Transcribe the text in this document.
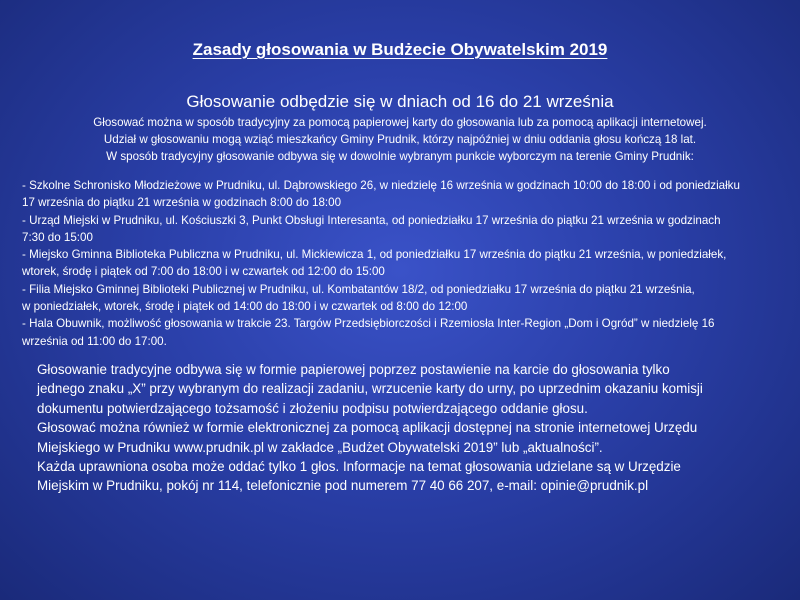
Zasady głosowania w Budżecie Obywatelskim 2019
Głosowanie odbędzie się w dniach od 16 do 21 września
Głosować można w sposób tradycyjny za pomocą papierowej karty do głosowania lub za pomocą aplikacji internetowej.
Udział w głosowaniu mogą wziąć mieszkańcy Gminy Prudnik, którzy najpóźniej w dniu oddania głosu kończą 18 lat.
W sposób tradycyjny głosowanie odbywa się w dowolnie wybranym punkcie wyborczym na terenie Gminy Prudnik:
- Szkolne Schronisko Młodzieżowe w Prudniku, ul. Dąbrowskiego 26, w niedzielę 16 września w godzinach 10:00 do 18:00 i od poniedziałku
17 września do piątku 21 września w godzinach 8:00 do 18:00
- Urząd Miejski w Prudniku, ul. Kościuszki 3, Punkt Obsługi Interesanta, od poniedziałku 17 września do piątku 21 września w godzinach
7:30 do 15:00
- Miejsko Gminna Biblioteka Publiczna w Prudniku, ul. Mickiewicza 1, od poniedziałku 17 września do piątku 21 września, w poniedziałek,
wtorek, środę i piątek od 7:00 do 18:00 i w czwartek od 12:00 do 15:00
- Filia Miejsko Gminnej Biblioteki Publicznej w Prudniku, ul. Kombatantów 18/2, od poniedziałku 17 września do piątku 21 września,
w poniedziałek, wtorek, środę i piątek od 14:00 do 18:00 i w czwartek od 8:00 do 12:00
- Hala Obuwnik, możliwość głosowania w trakcie 23. Targów Przedsiębiorczości i Rzemiosła Inter-Region „Dom i Ogród” w niedzielę 16
września od 11:00 do 17:00.
Głosowanie tradycyjne odbywa się w formie papierowej poprzez postawienie na karcie do głosowania tylko
jednego znaku „X” przy wybranym do realizacji zadaniu, wrzucenie karty do urny, po uprzednim okazaniu komisji
dokumentu potwierdzającego tożsamość i złożeniu podpisu potwierdzającego oddanie głosu.
Głosować można również w formie elektronicznej za pomocą aplikacji dostępnej na stronie internetowej Urzędu
Miejskiego w Prudniku www.prudnik.pl w zakładce „Budżet Obywatelski 2019” lub „aktualności”.
Każda uprawniona osoba może oddać tylko 1 głos. Informacje na temat głosowania udzielane są w Urzędzie
Miejskim w Prudniku, pokój nr 114, telefonicznie pod numerem 77 40 66 207, e-mail: opinie@prudnik.pl
